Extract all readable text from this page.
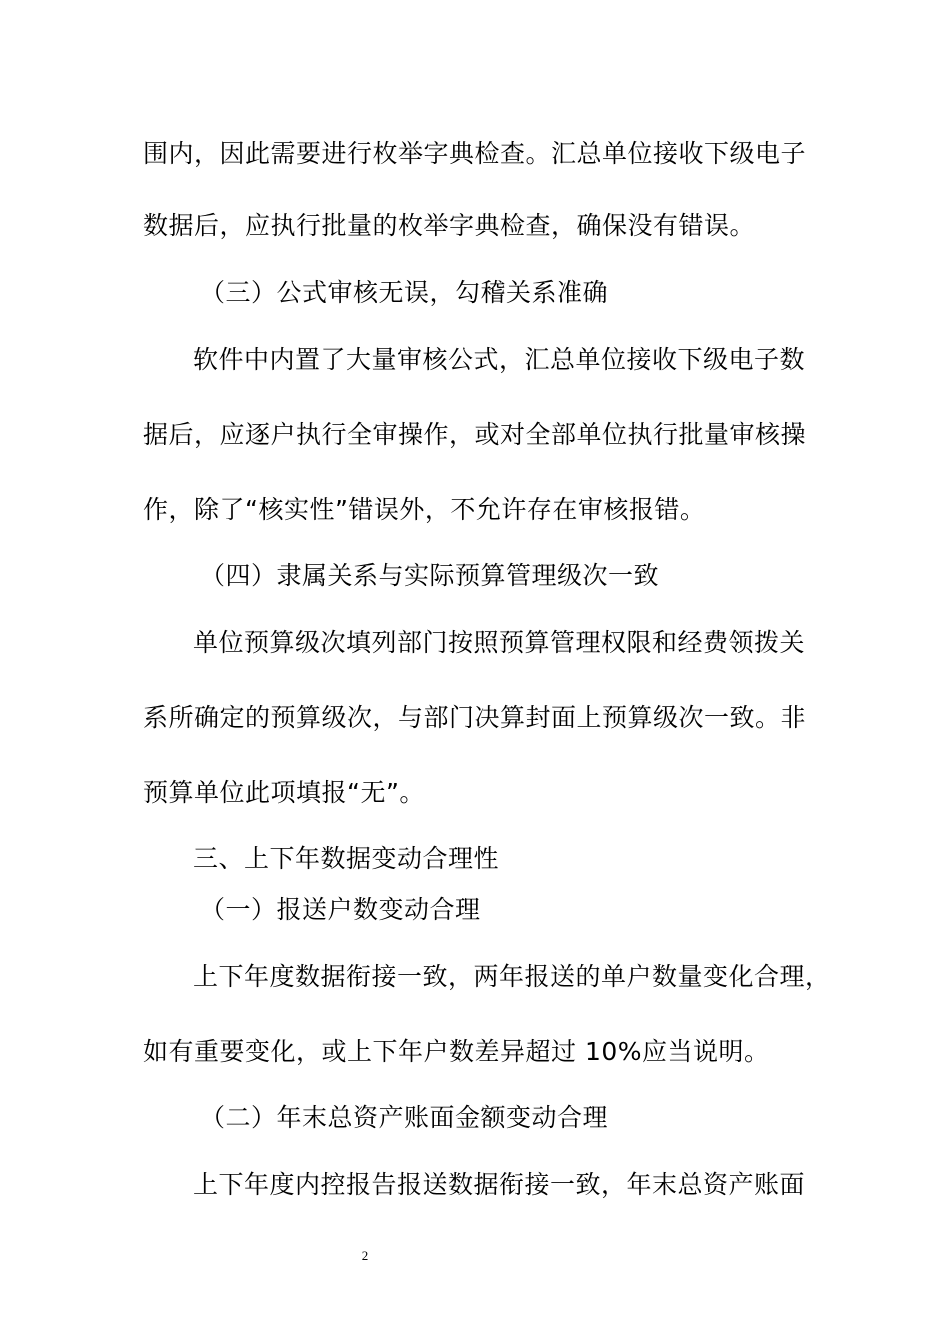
围内，因此需要进行枚举字典检查。汇总单位接收下级电子

数据后，应执行批量的枚举字典检查，确保没有错误。

（三）公式审核无误，勾稽关系准确

软件中内置了大量审核公式，汇总单位接收下级电子数

据后，应逐户执行全审操作，或对全部单位执行批量审核操

作，除了“核实性”错误外，不允许存在审核报错。

（四）隶属关系与实际预算管理级次一致

单位预算级次填列部门按照预算管理权限和经费领拨关

系所确定的预算级次，与部门决算封面上预算级次一致。非

预算单位此项填报“无”。

三、上下年数据变动合理性

（一）报送户数变动合理

上下年度数据衔接一致，两年报送的单户数量变化合理，

如有重要变化，或上下年户数差异超过 10%应当说明。

（二）年末总资产账面金额变动合理

上下年度内控报告报送数据衔接一致，年末总资产账面

2
